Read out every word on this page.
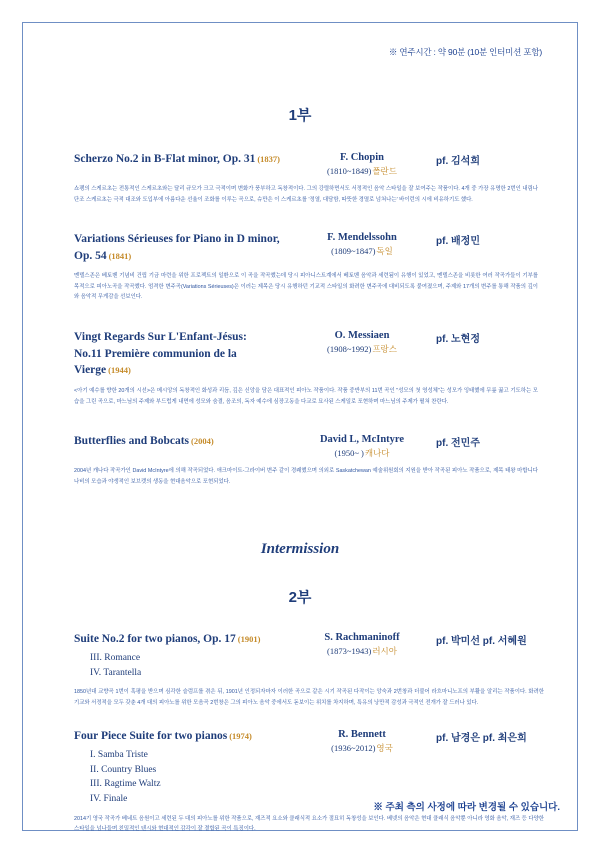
※ 연주시간 : 약 90분 (10분 인터미션 포함)
1부
Scherzo No.2 in B-Flat minor, Op. 31 (1837)	F. Chopin
(1810~1849)폴란드
pf. 김석희
쇼팽의 스케르초는 전통적인 스케르초와는 달리 규모가 크고 극적이며 변화가 풍부하고 독창적이다. 그의 강렬하면서도 서정적인 음악 스타일을 잘 보여주는 작품이다. 4개 중 가장 유명한 2번인 내림나단조 스케르초는 극적 대조와 도입부에 아름다운 선율이 조화를 이루는 곡으로, 슈만은 이 스케르초를 '정열, 대담함, 따뜻한 경멸로 넘쳐나는' 바이런의 시에 비유하기도 했다.
Variations Sérieuses for Piano in D minor, Op. 54 (1841)
F. Mendelssohn
(1809~1847)독일
pf. 배정민
멘델스존은 베토벤 기념비 건립 기금 마련을 위한 프로젝트의 일환으로 이 곡을 작곡했는데 당시 피아니스트계에서 베토벤 음악과 세련됨이 유행이 있었고, 멘델스존을 비롯한 여러 작곡가들이 기부를 목적으로 피아노곡을 작곡했다. 엄격한 변주곡(Variations Sérieuses)은 이러는 제목은 당시 유행하던 기교적 스타일의 화려한 변주곡에 대비되도록 붙여졌으며, 주제와 17개의 변주를 통해 작품의 깊이와 음악적 무게감을 선보인다.
Vingt Regards Sur L'Enfant-Jésus:
No.11 Première communion de la Vierge (1944)
O. Messiaen
(1908~1992)프랑스
pf. 노현정
<아기 예수를 향한 20개의 시선>은 메시앙의 독창적인 화성과 리듬, 깊은 신앙을 담은 대표적인 피아노 작품이다. 작품 중반부의 11번 곡인 "성모의 첫 영성체"는 성모가 잉태했에 무릎 꿇고 기도하는 모습을 그린 곡으로, 마느님의 주제와 부드럽게 내면에 성모와 숨결, 음조의, 독자 예수에 심장고동을 다교로 묘사된 스케일로 포현하며 마느님의 주제가 펼쳐 찬란다.
Butterflies and Bobcats (2004)	David L, McIntyre
(1950~ )캐나다
pf. 전민주
2004년 캐나다 작곡가인 David McIntyre에 의해 작곡되었다. 애크마이트-그라이버 변주 같이 경쾌했으며 의외로 Saskatchewan 예술위원회의 지원을 받아 작곡된 피아노 작품으로, 제목 태왕 마합니다 나비의 모습과 야생적인 보브캣의 생동을 현대음악으로 포현되었다.
Intermission
2부
Suite No.2 for two pianos, Op. 17 (1901)
III. Romance
IV. Tarantella
S. Rachmaninoff
(1873~1943)러시아
pf. 박미선 pf. 서혜원
1850년대 교향곡 1번이 혹평을 받으며 심각한 슬럼프를 겪은 뒤, 1901년 인정되자마자 이러한 곡으로 같은 시기 작곡된 다작이는 앙숙과 2번창과 더불어 라흐마니노프의 부활을 알리는 작품이다. 화려한 기교와 서정적을 모두 갖춘 4개 대의 피아노를 위한 모음곡 2번창은 그의 피아노 음악 중에서도 돋보이는 위치를 차지하며, 특유의 낭만적 감성과 극적인 전개가 잘 드러나 있다.
Four Piece Suite for two pianos (1974)
I. Samba Triste
II. Country Blues
III. Ragtime Waltz
IV. Finale
R. Bennett
(1936~2012)영국
pf. 남경은 pf. 최은희
2014기 영국 작곡가 베네트 음원이고 세련된 두 대의 피아노를 위한 작품으로, 재즈적 요소와 클래식적 요소가 절묘히 독창성을 보인다. 베넷의 음악은 현대 클래식 음악뿐 아니라 영화 음악, 재즈 등 다양한 스타일을 넘나들며 친밀적인 텐시와 현대적인 감각이 잘 결합된 곡이 특징이다.
※ 주최 측의 사정에 따라 변경될 수 있습니다.
